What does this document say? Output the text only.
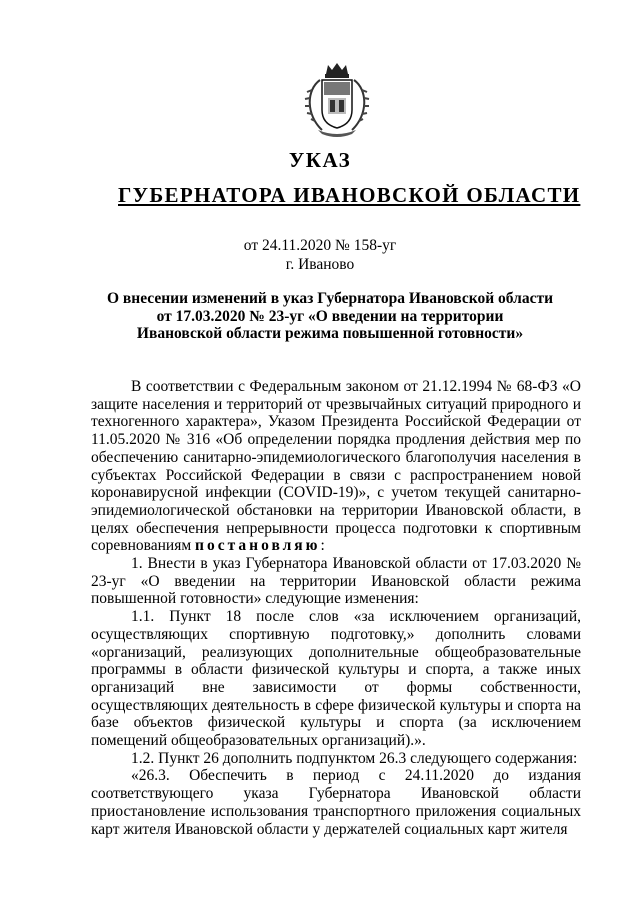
УКАЗ
ГУБЕРНАТОРА ИВАНОВСКОЙ ОБЛАСТИ
от 24.11.2020 № 158-уг
г. Иваново
О внесении изменений в указ Губернатора Ивановской области
от 17.03.2020 № 23-уг «О введении на территории
Ивановской области режима повышенной готовности»

В соответствии с Федеральным законом от 21.12.1994 № 68-ФЗ «О защите населения и территорий от чрезвычайных ситуаций природного и техногенного характера», Указом Президента Российской Федерации от 11.05.2020 № 316 «Об определении порядка продления действия мер по обеспечению санитарно-эпидемиологического благополучия населения в субъектах Российской Федерации в связи с распространением новой коронавирусной инфекции (COVID-19)», с учетом текущей санитарно-эпидемиологической обстановки на территории Ивановской области, в целях обеспечения непрерывности процесса подготовки к спортивным соревнованиям постановляю:

1. Внести в указ Губернатора Ивановской области от 17.03.2020 № 23-уг «О введении на территории Ивановской области режима повышенной готовности» следующие изменения:

1.1. Пункт 18 после слов «за исключением организаций, осуществляющих спортивную подготовку,» дополнить словами «организаций, реализующих дополнительные общеобразовательные программы в области физической культуры и спорта, а также иных организаций вне зависимости от формы собственности, осуществляющих деятельность в сфере физической культуры и спорта на базе объектов физической культуры и спорта (за исключением помещений общеобразовательных организаций).».

1.2. Пункт 26 дополнить подпунктом 26.3 следующего содержания:

«26.3. Обеспечить в период с 24.11.2020 до издания соответствующего указа Губернатора Ивановской области приостановление использования транспортного приложения социальных карт жителя Ивановской области у держателей социальных карт жителя
